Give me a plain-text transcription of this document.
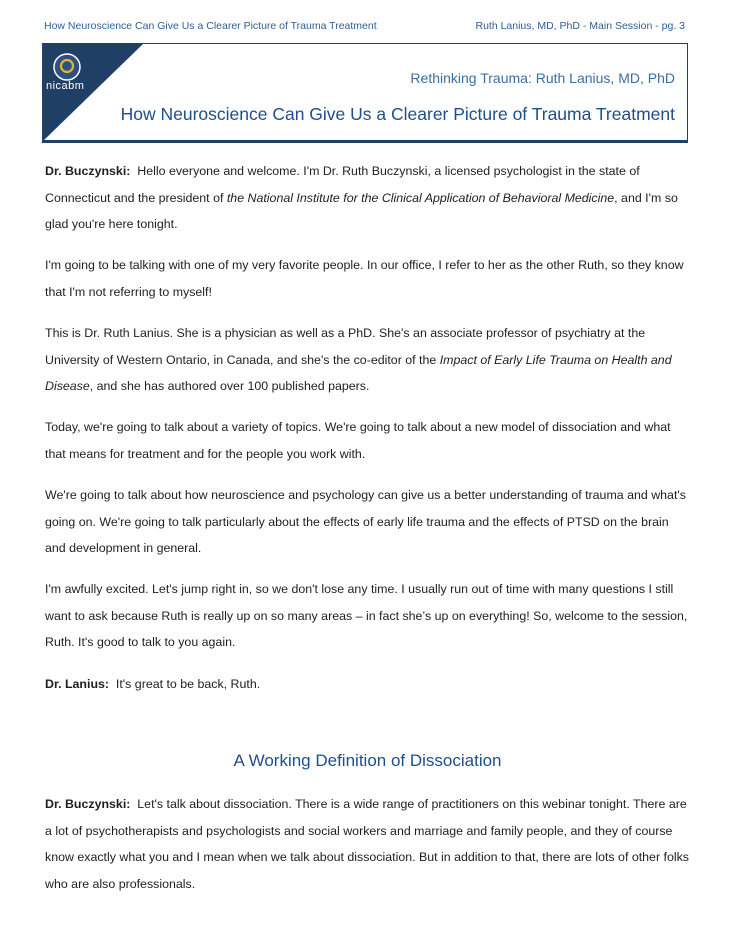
How Neuroscience Can Give Us a Clearer Picture of Trauma Treatment	Ruth Lanius, MD, PhD - Main Session - pg. 3
nicabm	Rethinking Trauma: Ruth Lanius, MD, PhD
How Neuroscience Can Give Us a Clearer Picture of Trauma Treatment

Dr. Buczynski: Hello everyone and welcome. I'm Dr. Ruth Buczynski, a licensed psychologist in the state of Connecticut and the president of the National Institute for the Clinical Application of Behavioral Medicine, and I'm so glad you're here tonight.

I'm going to be talking with one of my very favorite people. In our office, I refer to her as the other Ruth, so they know that I'm not referring to myself!

This is Dr. Ruth Lanius. She is a physician as well as a PhD. She's an associate professor of psychiatry at the University of Western Ontario, in Canada, and she's the co-editor of the Impact of Early Life Trauma on Health and Disease, and she has authored over 100 published papers.

Today, we're going to talk about a variety of topics. We're going to talk about a new model of dissociation and what that means for treatment and for the people you work with.

We're going to talk about how neuroscience and psychology can give us a better understanding of trauma and what's going on. We're going to talk particularly about the effects of early life trauma and the effects of PTSD on the brain and development in general.

I'm awfully excited. Let's jump right in, so we don't lose any time. I usually run out of time with many questions I still want to ask because Ruth is really up on so many areas – in fact she’s up on everything! So, welcome to the session, Ruth. It's good to talk to you again.

Dr. Lanius: It's great to be back, Ruth.

A Working Definition of Dissociation

Dr. Buczynski: Let's talk about dissociation. There is a wide range of practitioners on this webinar tonight. There are a lot of psychotherapists and psychologists and social workers and marriage and family people, and they of course know exactly what you and I mean when we talk about dissociation. But in addition to that, there are lots of other folks who are also professionals.
